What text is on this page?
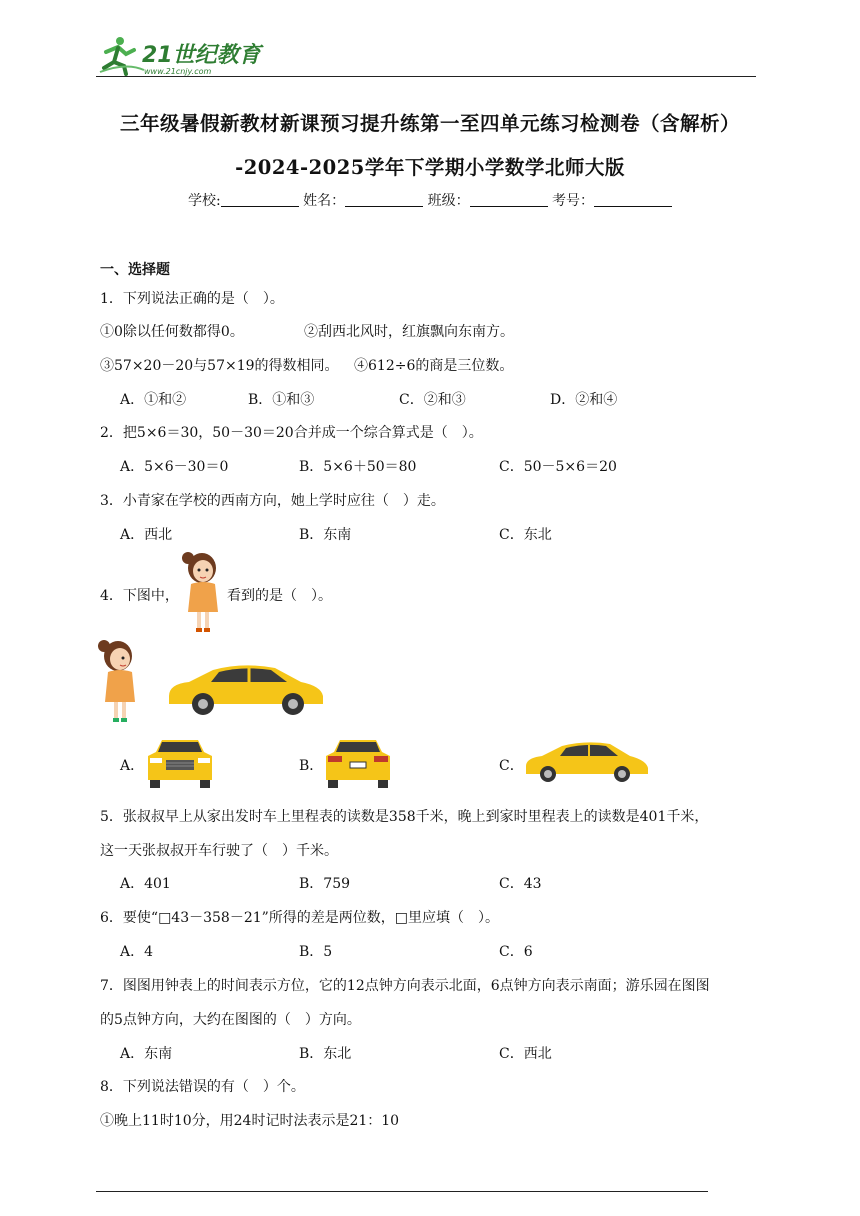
21世纪教育
www.21cnjy.com
三年级暑假新教材新课预习提升练第一至四单元练习检测卷（含解析）
-2024-2025学年下学期小学数学北师大版
学校:	姓名：	班级：	考号：
一、选择题
1．下列说法正确的是（　）。
①0除以任何数都得0。	②刮西北风时，红旗飘向东南方。
③57×20－20与57×19的得数相同。 ④612÷6的商是三位数。
A．①和②	B．①和③	C．②和③	D．②和④
2．把5×6＝30，50－30＝20合并成一个综合算式是（　）。
A．5×6－30＝0	B．5×6＋50＝80	C．50－5×6＝20
3．小青家在学校的西南方向，她上学时应往（　）走。
A．西北	B．东南	C．东北
4．下图中，	看到的是（　）。
A．	B．	C．
5．张叔叔早上从家出发时车上里程表的读数是358千米，晚上到家时里程表上的读数是401千米，
这一天张叔叔开车行驶了（　）千米。
A．401	B．759	C．43
6．要使“□43－358－21”所得的差是两位数，□里应填（　）。
A．4	B．5	C．6
7．图图用钟表上的时间表示方位，它的12点钟方向表示北面，6点钟方向表示南面；游乐园在图图
的5点钟方向，大约在图图的（　）方向。
A．东南	B．东北	C．西北
8．下列说法错误的有（　）个。
①晚上11时10分，用24时记时法表示是21：10
